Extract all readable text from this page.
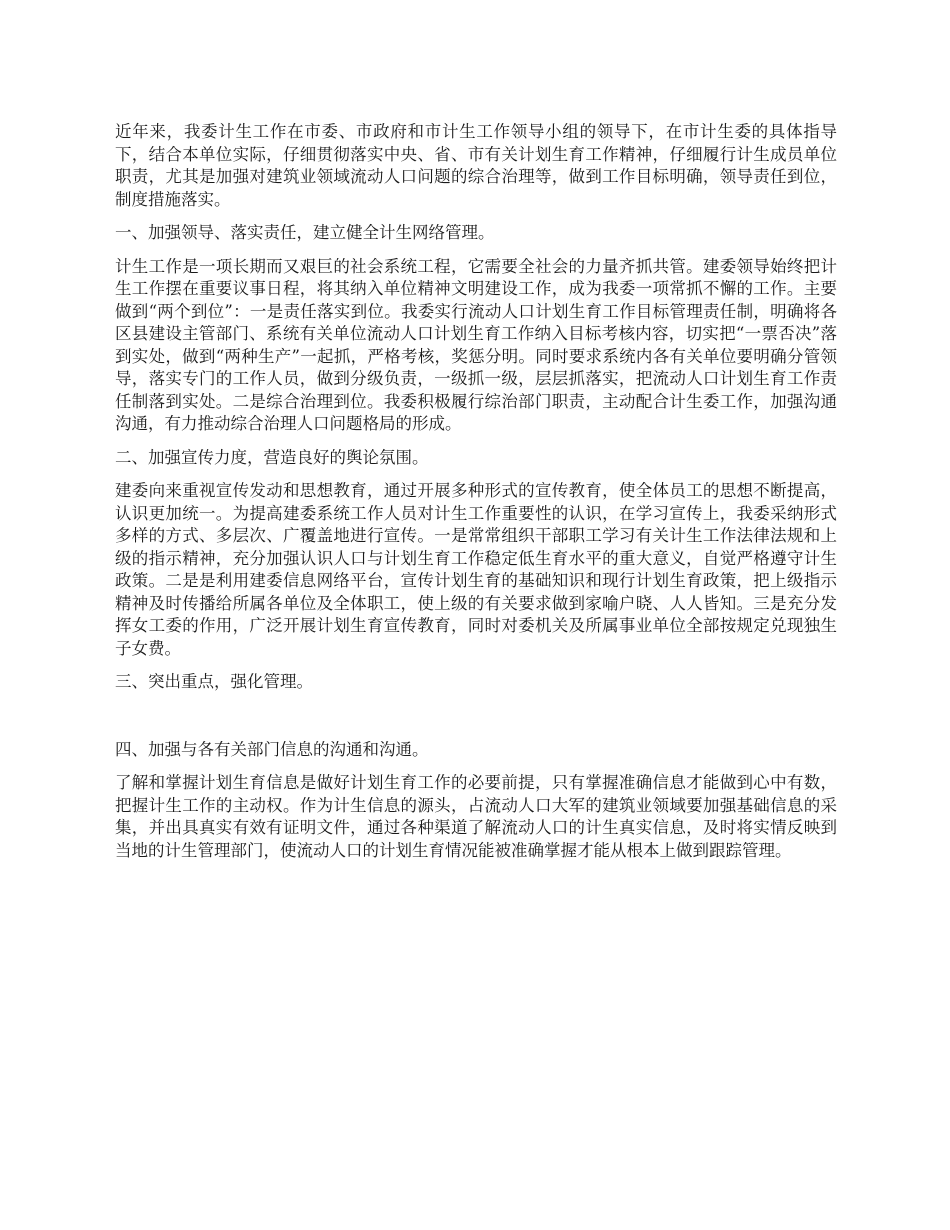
近年来，我委计生工作在市委、市政府和市计生工作领导小组的领导下，在市计生委的具体指导下，结合本单位实际，仔细贯彻落实中央、省、市有关计划生育工作精神，仔细履行计生成员单位职责，尤其是加强对建筑业领域流动人口问题的综合治理等，做到工作目标明确，领导责任到位，制度措施落实。

一、加强领导、落实责任，建立健全计生网络管理。

计生工作是一项长期而又艰巨的社会系统工程，它需要全社会的力量齐抓共管。建委领导始终把计生工作摆在重要议事日程，将其纳入单位精神文明建设工作，成为我委一项常抓不懈的工作。主要做到“两个到位”：一是责任落实到位。我委实行流动人口计划生育工作目标管理责任制，明确将各区县建设主管部门、系统有关单位流动人口计划生育工作纳入目标考核内容，切实把“一票否决”落到实处，做到“两种生产”一起抓，严格考核，奖惩分明。同时要求系统内各有关单位要明确分管领导，落实专门的工作人员，做到分级负责，一级抓一级，层层抓落实，把流动人口计划生育工作责任制落到实处。二是综合治理到位。我委积极履行综治部门职责，主动配合计生委工作，加强沟通沟通，有力推动综合治理人口问题格局的形成。

二、加强宣传力度，营造良好的舆论氛围。

建委向来重视宣传发动和思想教育，通过开展多种形式的宣传教育，使全体员工的思想不断提高，认识更加统一。为提高建委系统工作人员对计生工作重要性的认识，在学习宣传上，我委采纳形式多样的方式、多层次、广覆盖地进行宣传。一是常常组织干部职工学习有关计生工作法律法规和上级的指示精神，充分加强认识人口与计划生育工作稳定低生育水平的重大意义，自觉严格遵守计生政策。二是是利用建委信息网络平台，宣传计划生育的基础知识和现行计划生育政策，把上级指示精神及时传播给所属各单位及全体职工，使上级的有关要求做到家喻户晓、人人皆知。三是充分发挥女工委的作用，广泛开展计划生育宣传教育，同时对委机关及所属事业单位全部按规定兑现独生子女费。

三、突出重点，强化管理。

四、加强与各有关部门信息的沟通和沟通。

了解和掌握计划生育信息是做好计划生育工作的必要前提，只有掌握准确信息才能做到心中有数，把握计生工作的主动权。作为计生信息的源头，占流动人口大军的建筑业领域要加强基础信息的采集，并出具真实有效有证明文件，通过各种渠道了解流动人口的计生真实信息，及时将实情反映到当地的计生管理部门，使流动人口的计划生育情况能被准确掌握才能从根本上做到跟踪管理。
